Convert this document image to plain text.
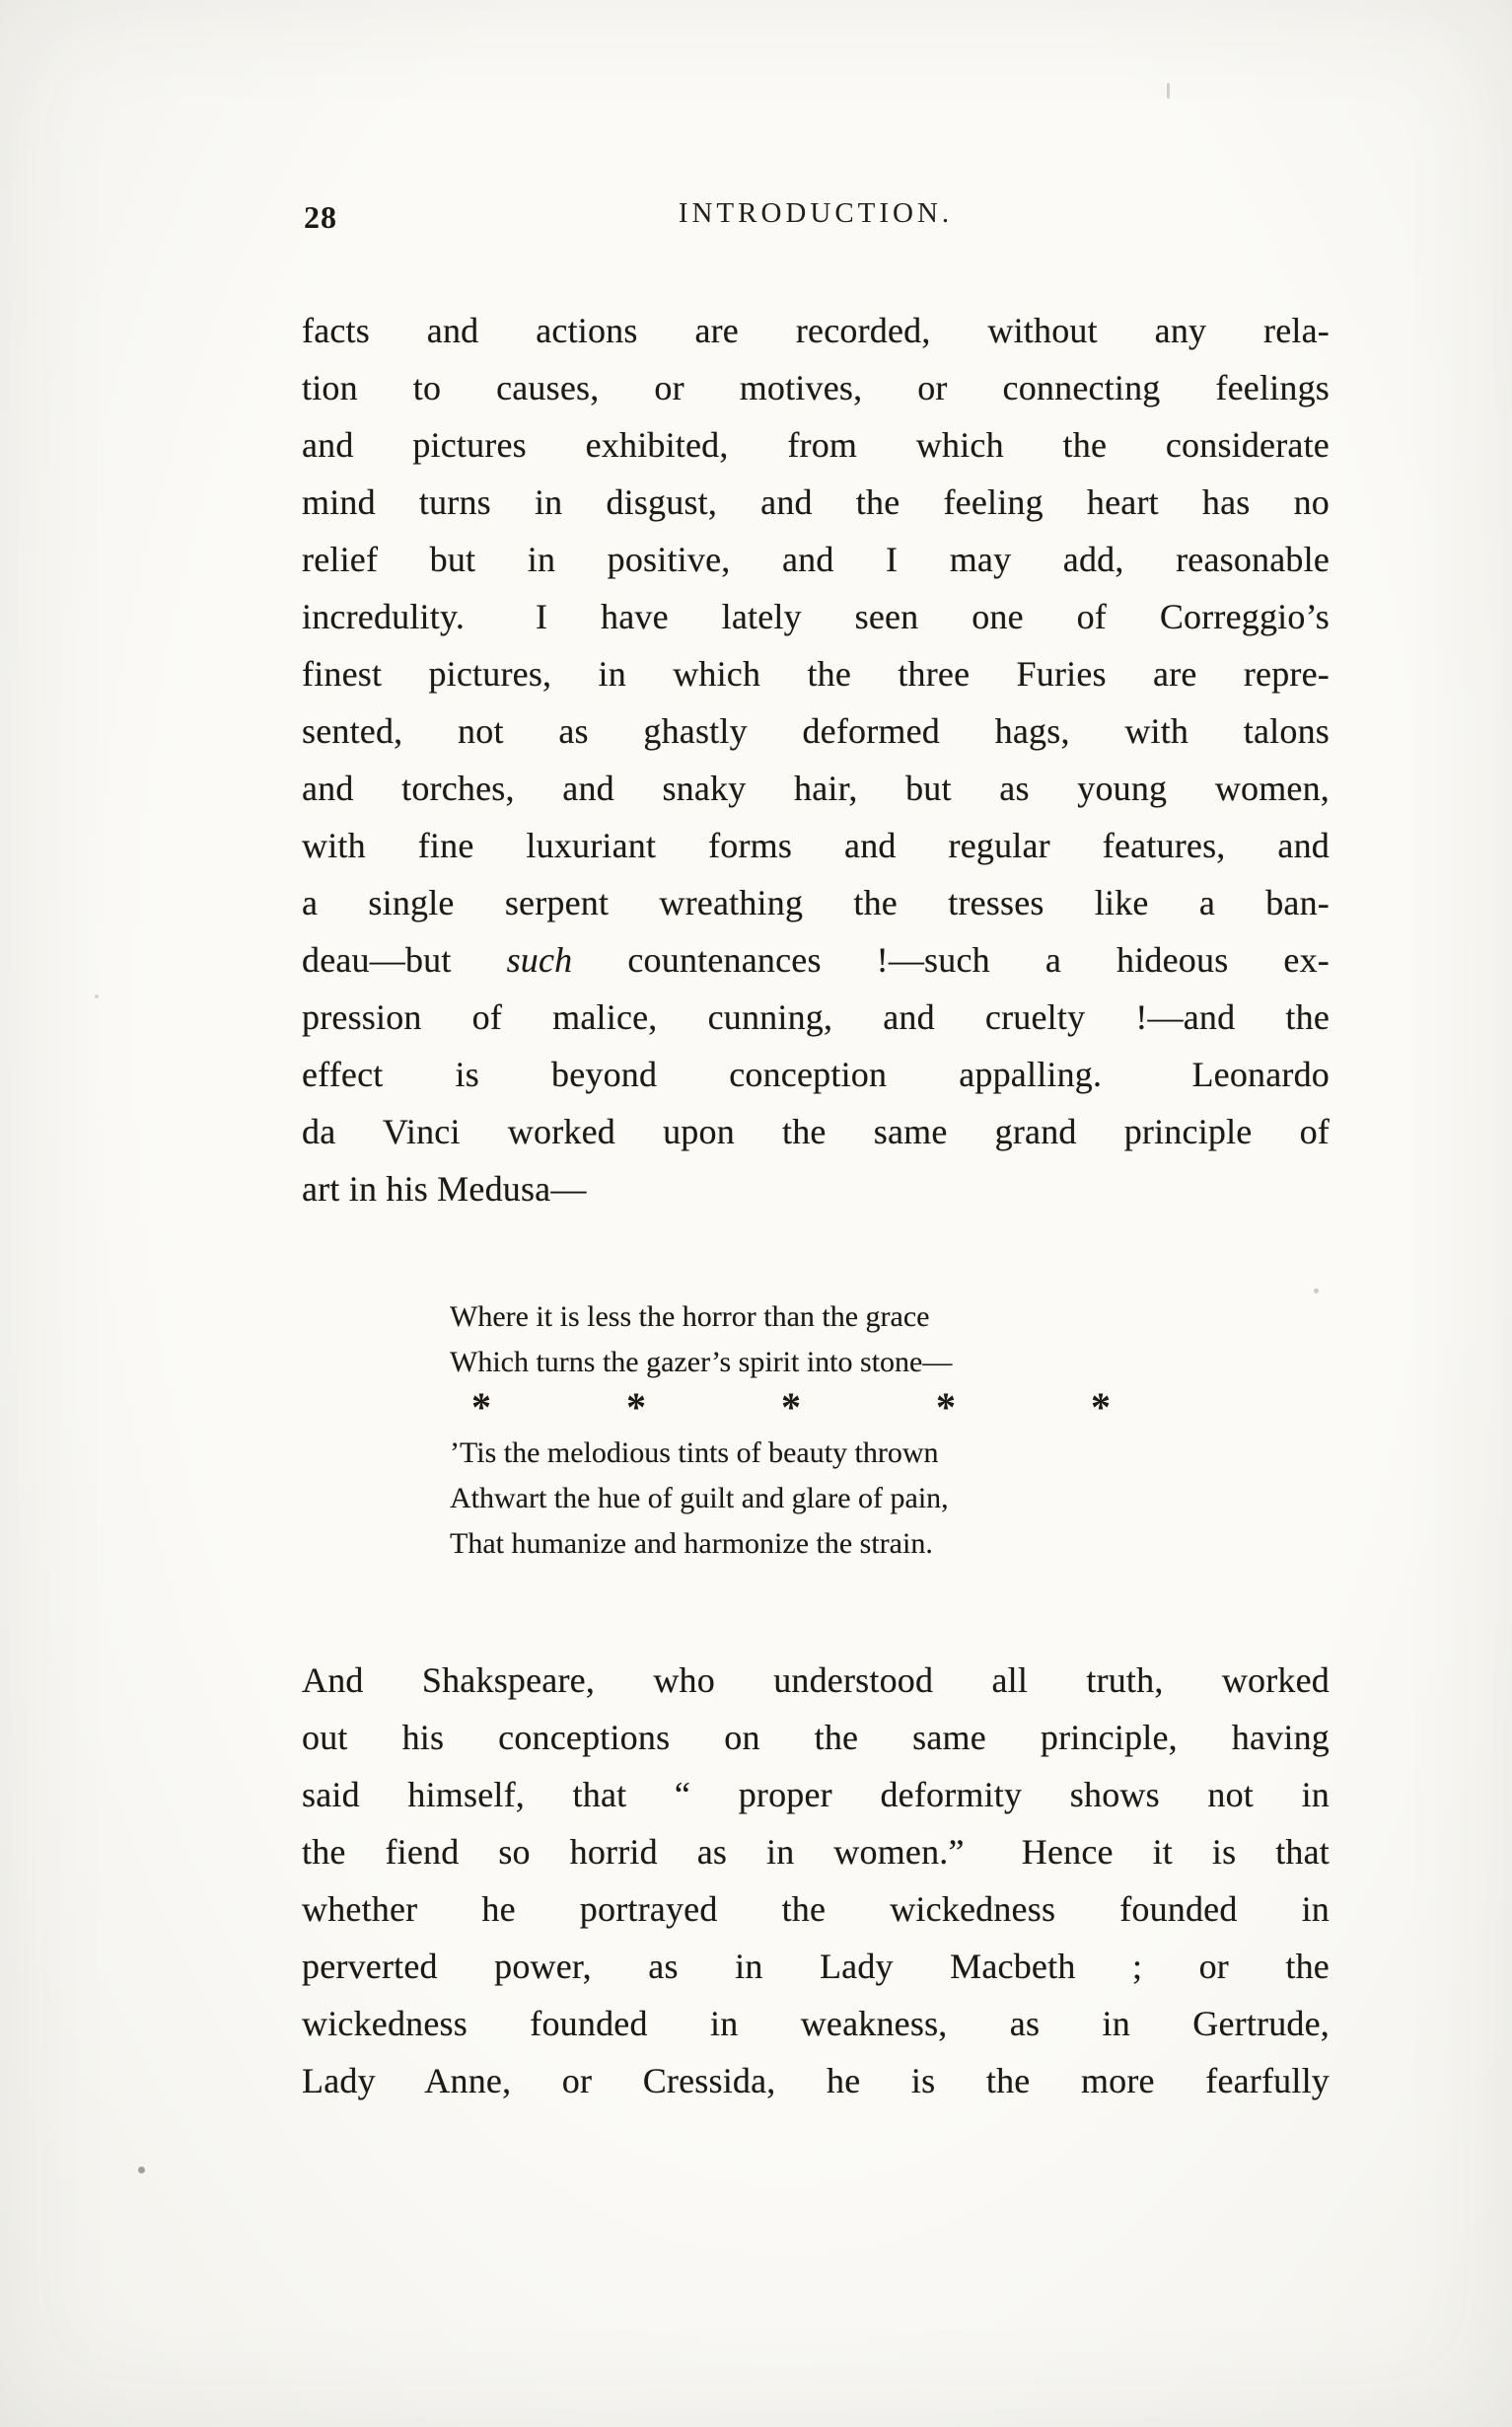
28	INTRODUCTION.
facts and actions are recorded, without any rela-
tion to causes, or motives, or connecting feelings
and pictures exhibited, from which the considerate
mind turns in disgust, and the feeling heart has no
relief but in positive, and I may add, reasonable
incredulity.  I have lately seen one of Correggio’s
finest pictures, in which the three Furies are repre-
sented, not as ghastly deformed hags, with talons
and torches, and snaky hair, but as young women,
with fine luxuriant forms and regular features, and
a single serpent wreathing the tresses like a ban-
deau—but such countenances !—such a hideous ex-
pression of malice, cunning, and cruelty !—and the
effect is beyond conception appalling.  Leonardo
da Vinci worked upon the same grand principle of
art in his Medusa—
Where it is less the horror than the grace
Which turns the gazer’s spirit into stone—
*	*	*	*	*
’Tis the melodious tints of beauty thrown
Athwart the hue of guilt and glare of pain,
That humanize and harmonize the strain.
And Shakspeare, who understood all truth, worked
out his conceptions on the same principle, having
said himself, that “ proper deformity shows not in
the fiend so horrid as in women.”  Hence it is that
whether he portrayed the wickedness founded in
perverted power, as in Lady Macbeth ; or the
wickedness founded in weakness, as in Gertrude,
Lady Anne, or Cressida, he is the more fearfully
